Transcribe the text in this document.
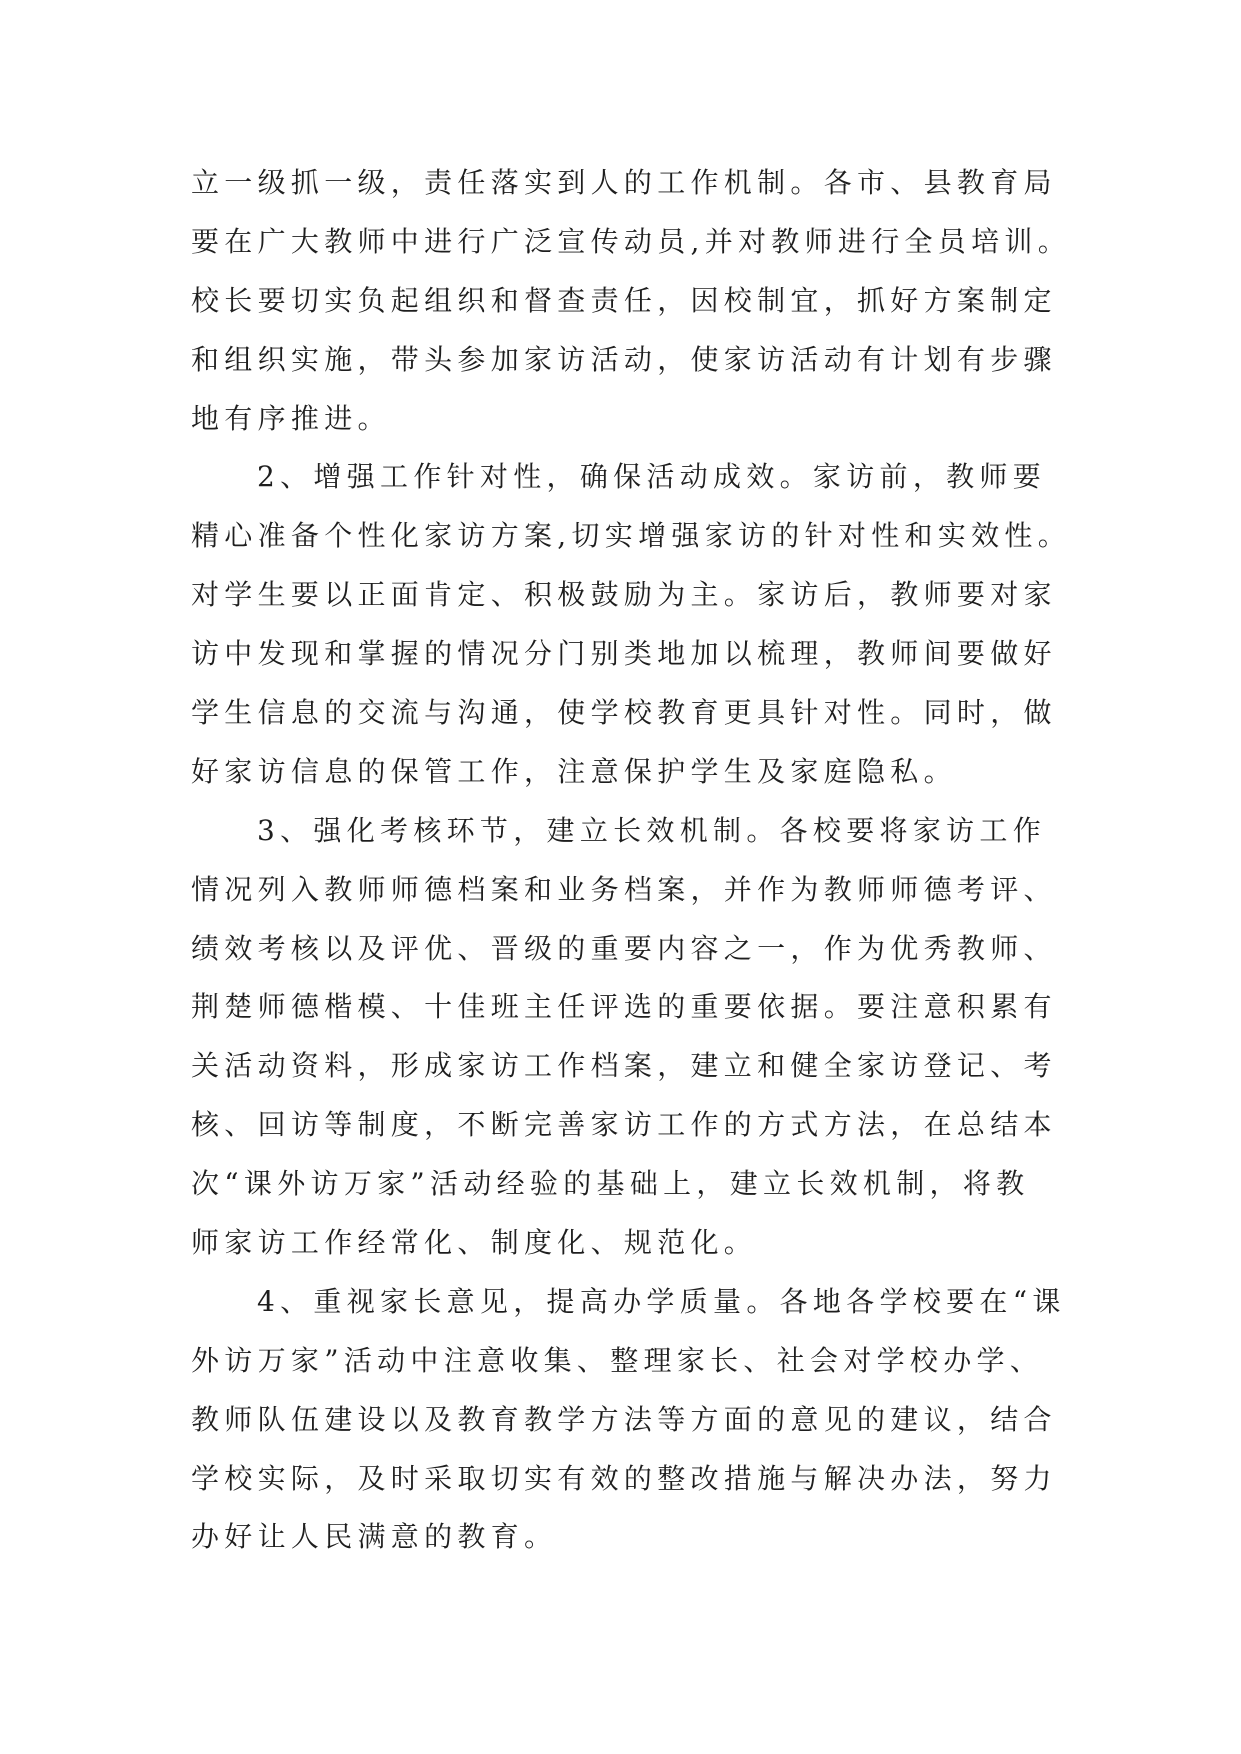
立一级抓一级，责任落实到人的工作机制。各市、县教育局
要在广大教师中进行广泛宣传动员,并对教师进行全员培训。
校长要切实负起组织和督查责任，因校制宜，抓好方案制定
和组织实施，带头参加家访活动，使家访活动有计划有步骤
地有序推进。
2、增强工作针对性，确保活动成效。家访前，教师要
精心准备个性化家访方案,切实增强家访的针对性和实效性。
对学生要以正面肯定、积极鼓励为主。家访后，教师要对家
访中发现和掌握的情况分门别类地加以梳理，教师间要做好
学生信息的交流与沟通，使学校教育更具针对性。同时，做
好家访信息的保管工作，注意保护学生及家庭隐私。
3、强化考核环节，建立长效机制。各校要将家访工作
情况列入教师师德档案和业务档案，并作为教师师德考评、
绩效考核以及评优、晋级的重要内容之一，作为优秀教师、
荆楚师德楷模、十佳班主任评选的重要依据。要注意积累有
关活动资料，形成家访工作档案，建立和健全家访登记、考
核、回访等制度，不断完善家访工作的方式方法，在总结本
次“课外访万家”活动经验的基础上，建立长效机制，将教
师家访工作经常化、制度化、规范化。
4、重视家长意见，提高办学质量。各地各学校要在“课
外访万家”活动中注意收集、整理家长、社会对学校办学、
教师队伍建设以及教育教学方法等方面的意见的建议，结合
学校实际，及时采取切实有效的整改措施与解决办法，努力
办好让人民满意的教育。
